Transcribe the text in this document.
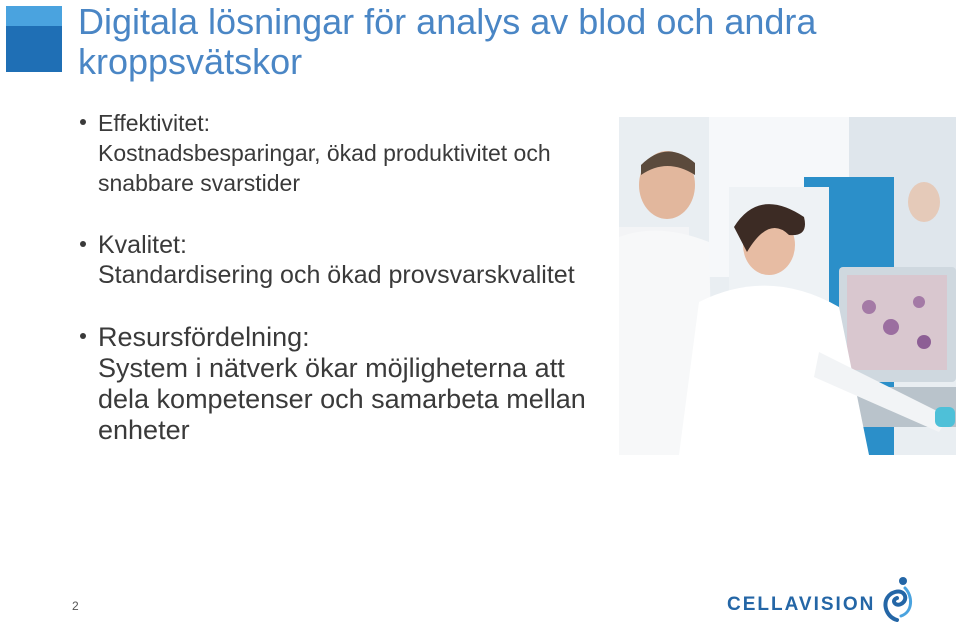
Digitala lösningar för analys av blod och andra kroppsvätskor
Effektivitet:
Kostnadsbesparingar, ökad produktivitet och snabbare svarstider
Kvalitet:
Standardisering och ökad provsvarskvalitet
Resursfördelning:
System i nätverk ökar möjligheterna att dela kompetenser och samarbeta mellan enheter
2	CELLAVISION
